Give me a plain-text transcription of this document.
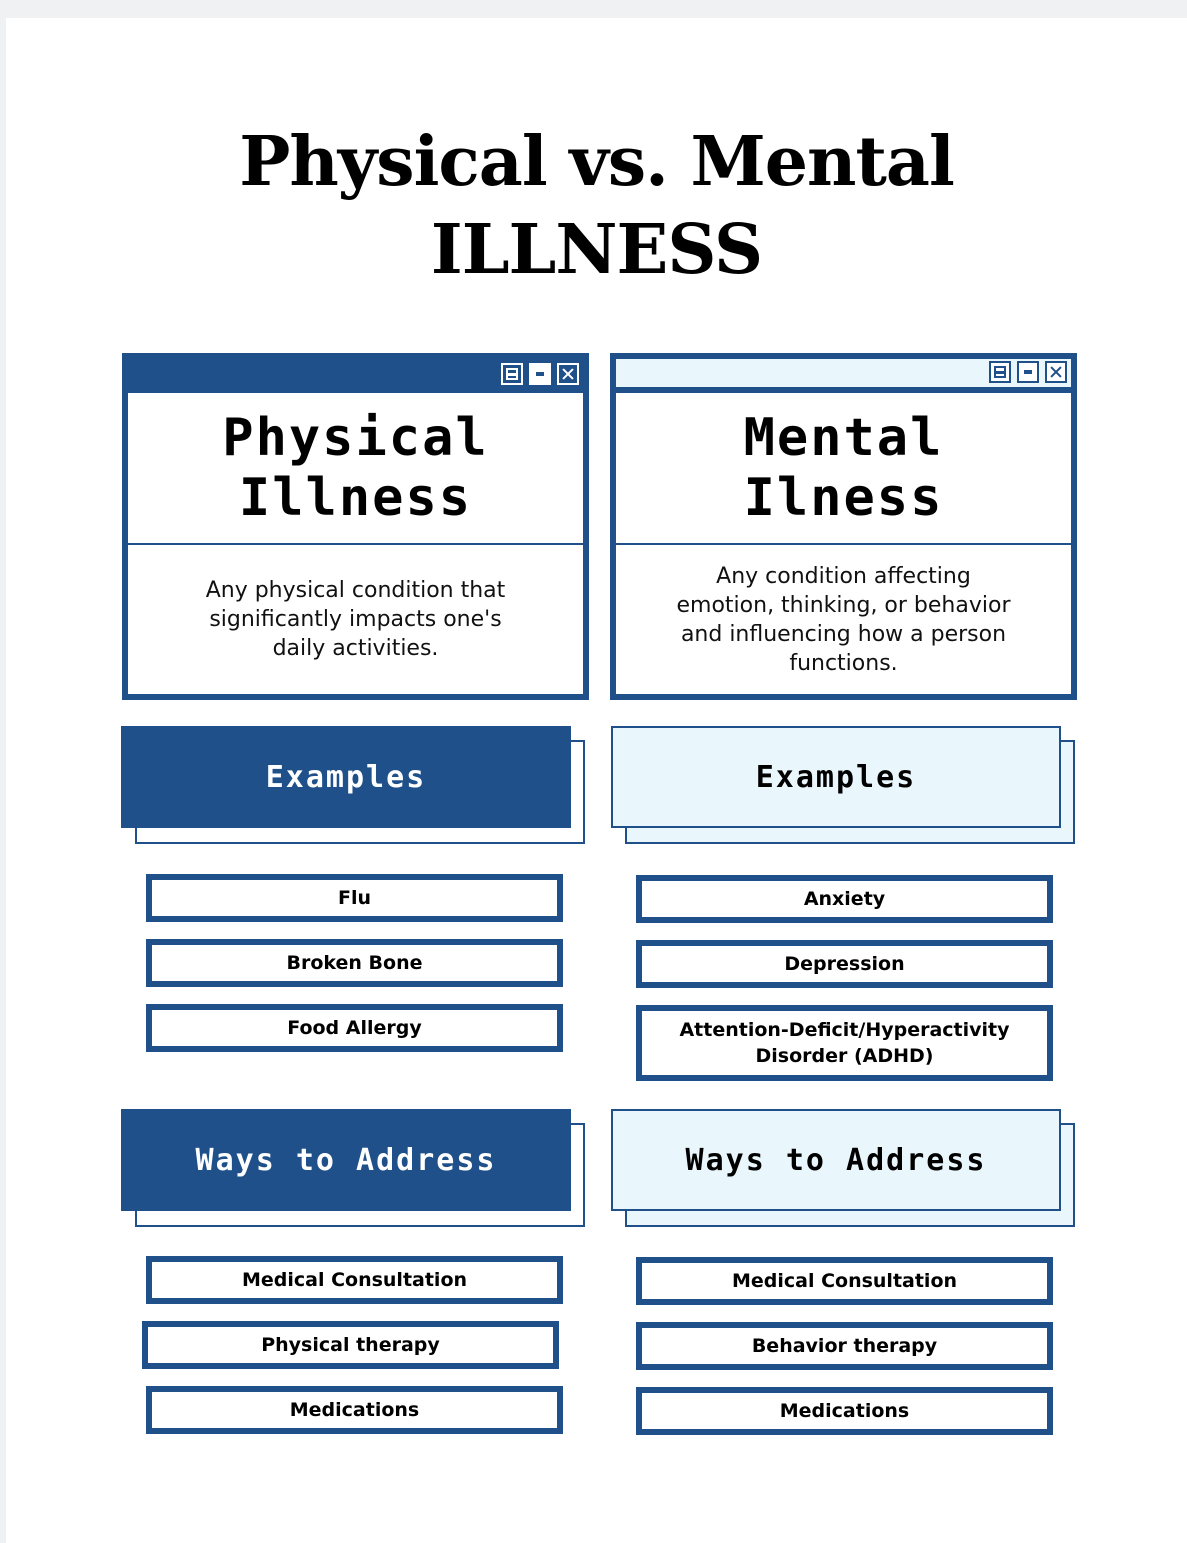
Physical vs. Mental
ILLNESS
Physical
Illness
Any physical condition that significantly impacts one's daily activities.
Mental
Ilness
Any condition affecting emotion, thinking, or behavior and influencing how a person functions.
Examples	Examples
Flu
Broken Bone
Food Allergy
Anxiety
Depression
Attention-Deficit/Hyperactivity Disorder (ADHD)
Ways to Address	Ways to Address
Medical Consultation
Physical therapy
Medications
Medical Consultation
Behavior therapy
Medications
